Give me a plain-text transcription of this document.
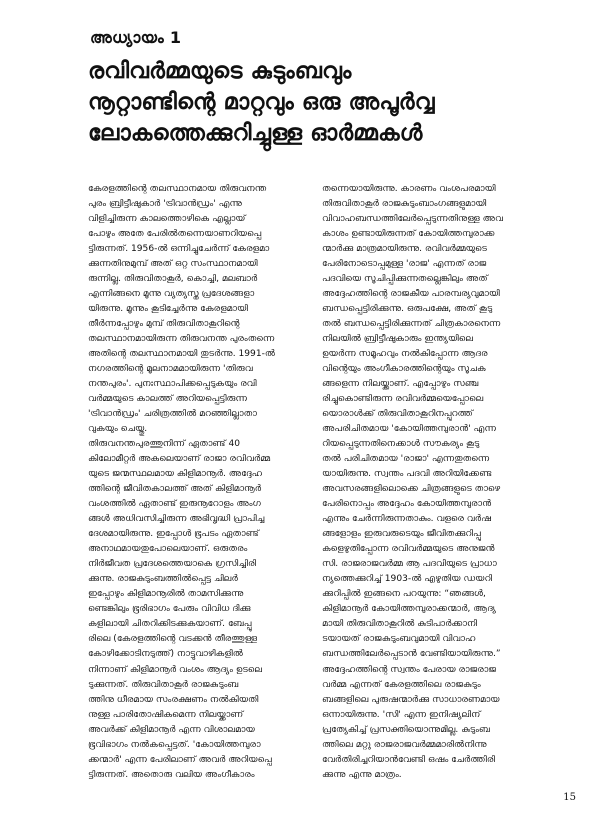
അധ്യായം 1
രവിവർമ്മയുടെ കുടുംബവും
നൂറ്റാണ്ടിന്റെ മാറ്റവും ഒരു അപൂർവ്വ
ലോകത്തെക്കുറിച്ചുള്ള ഓർമ്മകൾ
കേരളത്തിന്റെ തലസ്ഥാനമായ തിരുവനന്ത
പുരം ബ്രിട്ടീഷുകാർ 'ട്രിവാൻഡ്രം' എന്നു
വിളിച്ചിരുന്ന കാലത്തൊഴികെ എല്ലായ്
പോഴും അതേ പേരിൽതന്നെയാണറിയപ്പെ
ട്ടിരുന്നത്. 1956-ൽ ഒന്നിച്ചുചേർന്ന് കേരളമാ
ക്കുന്നതിനുമുമ്പ് അത് ഒറ്റ സംസ്ഥാനമായി
രുന്നില്ല. തിരുവിതാകൂർ, കൊച്ചി, മലബാർ
എന്നിങ്ങനെ മൂന്നു വ്യത്യസ്ത പ്രദേശങ്ങളാ
യിരുന്നു. മൂന്നും കൂടിച്ചേർന്നു കേരളമായി
തീർന്നപ്പോഴും മുമ്പ് തിരുവിതാകൂറിന്റെ
തലസ്ഥാനമായിരുന്ന തിരുവനന്ത പുരംതന്നെ
അതിന്റെ തലസ്ഥാനമായി തുടർന്നു. 1991-ൽ
നഗരത്തിന്റെ മൂലനാമമായിരുന്ന 'തിരുവ
നന്തപുരം'. പുനഃസ്ഥാപിക്കപ്പെടുകയും രവി
വർമ്മയുടെ കാലത്ത് അറിയപ്പെട്ടിരുന്ന
'ട്രിവാൻഡ്രം' ചരിത്രത്തിൽ മറഞ്ഞില്ലാതാ
വുകയും ചെയ്തു.
തിരുവനന്തപുരത്തുനിന്ന് ഏതാണ്ട് 40
കിലോമീറ്റർ അകലെയാണ് രാജാ രവിവർമ്മ
യുടെ ജന്മസ്ഥലമായ കിളിമാനൂർ. അദ്ദേഹ
ത്തിന്റെ ജീവിതകാലത്ത് അത് കിളിമാനൂർ
വംശത്തിൽ ഏതാണ്ട് ഇരുനൂറോളം അംഗ
ങ്ങൾ അധിവസിച്ചിരുന്ന അഭിവൃദ്ധി പ്രാപിച്ച
ദേശമായിരുന്നു. ഇപ്പോൾ ഭൂപടം ഏതാണ്ട്
അനാഥമായതുപോലെയാണ്. ഒരുതരം
നിർജീവത പ്രദേശത്തെയാകെ ഗ്രസിച്ചിരി
ക്കുന്നു. രാജകുടുംബത്തിൽപ്പെട്ട ചിലർ
ഇപ്പോഴും കിളിമാനൂരിൽ താമസിക്കുന്നു
ണ്ടെങ്കിലും ഭൂരിഭാഗം പേരും വിവിധ ദിക്കു
കളിലായി ചിതറിക്കിടക്കുകയാണ്. ബേപ്പൂ
രിലെ (കേരളത്തിന്റെ വടക്കൻ തീരത്തുള്ള
കോഴിക്കോടിനടുത്ത്) നാട്ടുവാഴികളിൽ
നിന്നാണ് കിളിമാനൂർ വംശം ആദ്യം ഉടലെ
ടുക്കുന്നത്. തിരുവിതാകൂർ രാജകുടുംബ
ത്തിനു ധീരമായ സംരക്ഷണം നൽകിയതി
നുള്ള പാരിതോഷികമെന്ന നിലയ്ക്കാണ്
അവർക്ക് കിളിമാനൂർ എന്ന വിശാലമായ
ഭൂവിഭാഗം നൽകപ്പെട്ടത്. 'കോയിത്തമ്പുരാ
ക്കന്മാർ' എന്ന പേരിലാണ് അവർ അറിയപ്പെ
ട്ടിരുന്നത്. അതൊരു വലിയ അംഗീകാരം
തന്നെയായിരുന്നു. കാരണം വംശപരമായി
തിരുവിതാകൂർ രാജകുടുംബാംഗങ്ങളുമായി
വിവാഹബന്ധത്തിലേർപ്പെടുന്നതിനുള്ള അവ
കാശം ഉണ്ടായിരുന്നത് കോയിത്തമ്പുരാക്ക
ന്മാർക്കു മാത്രമായിരുന്നു. രവിവർമ്മയുടെ
പേരിനോടൊപ്പമുള്ള 'രാജ' എന്നത് രാജ
പദവിയെ സൂചിപ്പിക്കുന്നതല്ലെങ്കിലും അത്
അദ്ദേഹത്തിന്റെ രാജകീയ പാരമ്പര്യവുമായി
ബന്ധപ്പെട്ടിരിക്കുന്നു. ഒരുപക്ഷേ, അത് കൂടു
തൽ ബന്ധപ്പെട്ടിരിക്കുന്നത് ചിത്രകാരനെന്ന
നിലയിൽ ബ്രിട്ടീഷുകാരും ഇന്ത്യയിലെ
ഉയർന്ന സമൂഹവും നൽകിപ്പോന്ന ആദര
വിന്റെയും അംഗീകാരത്തിന്റെയും സൂചക
ങ്ങളെന്ന നിലയ്ക്കാണ്. എപ്പോഴും സഞ്ച
രിച്ചുകൊണ്ടിരുന്ന രവിവർമ്മയെപ്പോലെ
യൊരാൾക്ക് തിരുവിതാകൂറിനപ്പുറത്ത്
അപരിചിതമായ 'കോയിത്തമ്പുരാൻ' എന്ന
റിയപ്പെടുന്നതിനെക്കാൾ സൗകര്യം കൂടു
തൽ പരിചിതമായ 'രാജാ' എന്നതുതന്നെ
യായിരുന്നു. സ്വന്തം പദവി അറിയിക്കേണ്ട
അവസരങ്ങളിലൊക്കെ ചിത്രങ്ങളുടെ താഴെ
പേരിനൊപ്പം അദ്ദേഹം കോയിത്തമ്പുരാൻ
എന്നും ചേർന്നിരുന്നതാകും. വളരെ വർഷ
ങ്ങളോളം ഇരുവരുടെയും ജീവിതക്കുറിപ്പു
കളെഴുതിപ്പോന്ന രവിവർമ്മയുടെ അനുജൻ
സി. രാജരാജവർമ്മ ആ പദവിയുടെ പ്രാധാ
ന്യത്തെക്കുറിച്ച് 1903-ൽ എഴുതിയ ഡയറി
ക്കുറിപ്പിൽ ഇങ്ങനെ പറയുന്നു: “ഞങ്ങൾ,
കിളിമാനൂർ കോയിത്തമ്പുരാക്കന്മാർ, ആദ്യ
മായി തിരുവിതാകൂറിൽ കുടിപാർക്കാനി
ടയായത് രാജകുടുംബവുമായി വിവാഹ
ബന്ധത്തിലേർപ്പെടാൻ വേണ്ടിയായിരുന്നു.”
അദ്ദേഹത്തിന്റെ സ്വന്തം പേരായ രാജരാജ
വർമ്മ എന്നത് കേരളത്തിലെ രാജകുടും
ബങ്ങളിലെ പുരുഷന്മാർക്കു സാധാരണമായ
ഒന്നായിരുന്നു. 'സി' എന്ന ഇനിഷ്യലിന്
പ്രത്യേകിച്ച് പ്രസക്തിയൊന്നുമില്ല. കുടുംബ
ത്തിലെ മറ്റു രാജരാജവർമ്മമാരിൽനിന്നു
വേർതിരിച്ചറിയാൻവേണ്ടി ഒഷം ചേർത്തിരി
ക്കുന്നു എന്നു മാത്രം.
15
